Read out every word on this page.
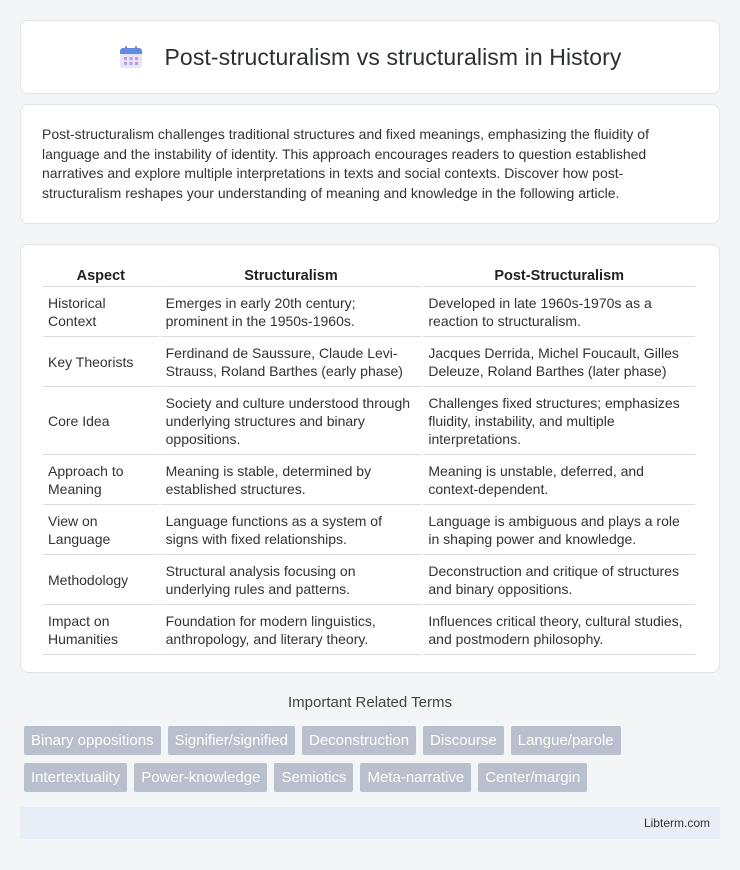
Post-structuralism vs structuralism in History

Post-structuralism challenges traditional structures and fixed meanings, emphasizing the fluidity of language and the instability of identity. This approach encourages readers to question established narratives and explore multiple interpretations in texts and social contexts. Discover how post-structuralism reshapes your understanding of meaning and knowledge in the following article.

Aspect	Structuralism	Post-Structuralism
Historical Context	Emerges in early 20th century; prominent in the 1950s-1960s.	Developed in late 1960s-1970s as a reaction to structuralism.
Key Theorists	Ferdinand de Saussure, Claude Levi-Strauss, Roland Barthes (early phase)	Jacques Derrida, Michel Foucault, Gilles Deleuze, Roland Barthes (later phase)
Core Idea	Society and culture understood through underlying structures and binary oppositions.	Challenges fixed structures; emphasizes fluidity, instability, and multiple interpretations.
Approach to Meaning	Meaning is stable, determined by established structures.	Meaning is unstable, deferred, and context-dependent.
View on Language	Language functions as a system of signs with fixed relationships.	Language is ambiguous and plays a role in shaping power and knowledge.
Methodology	Structural analysis focusing on underlying rules and patterns.	Deconstruction and critique of structures and binary oppositions.
Impact on Humanities	Foundation for modern linguistics, anthropology, and literary theory.	Influences critical theory, cultural studies, and postmodern philosophy.
Important Related Terms
Binary oppositions	Signifier/signified	Deconstruction	Discourse	Langue/parole
Intertextuality	Power-knowledge	Semiotics	Meta-narrative	Center/margin
Libterm.com
